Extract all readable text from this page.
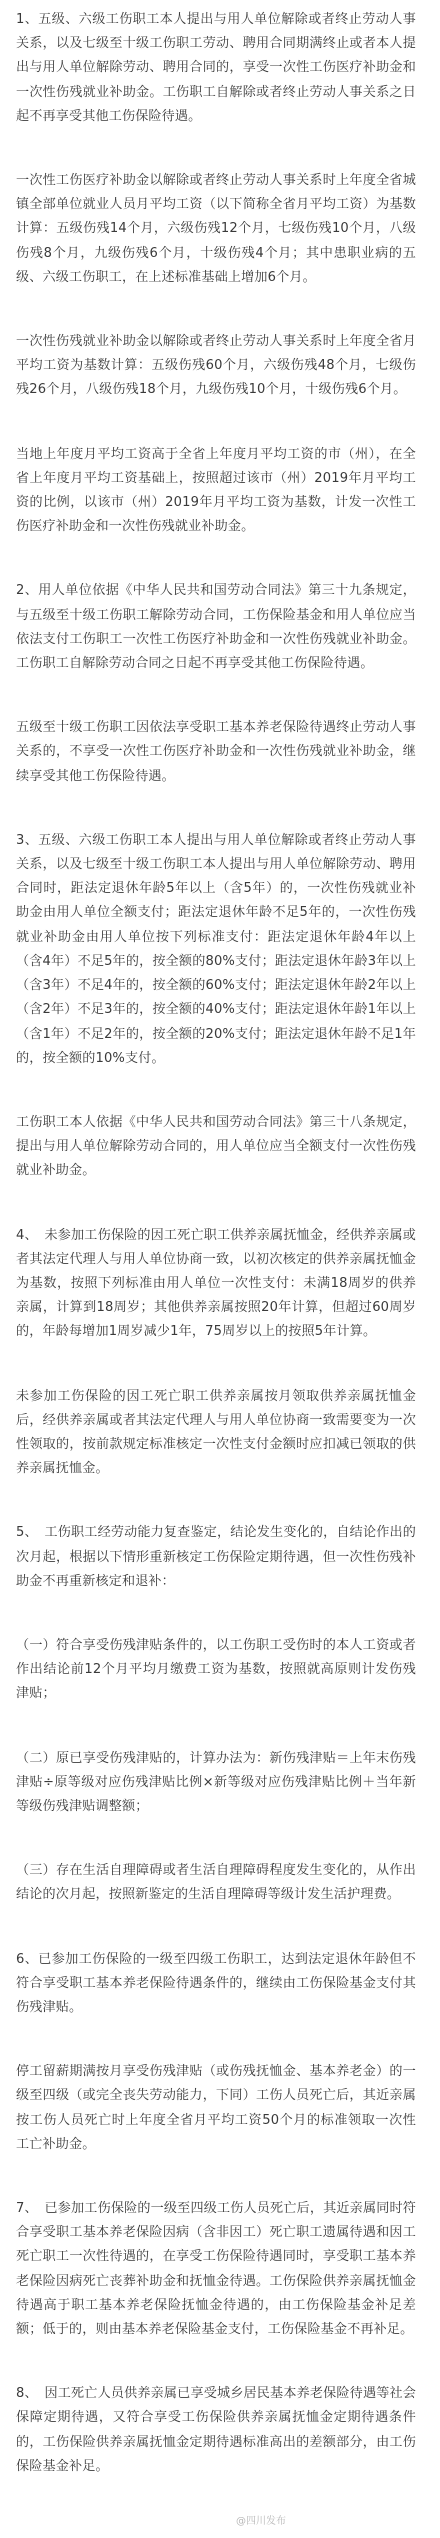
1、五级、六级工伤职工本人提出与用人单位解除或者终止劳动人事关系，以及七级至十级工伤职工劳动、聘用合同期满终止或者本人提出与用人单位解除劳动、聘用合同的，享受一次性工伤医疗补助金和一次性伤残就业补助金。工伤职工自解除或者终止劳动人事关系之日起不再享受其他工伤保险待遇。

一次性工伤医疗补助金以解除或者终止劳动人事关系时上年度全省城镇全部单位就业人员月平均工资（以下简称全省月平均工资）为基数计算：五级伤残14个月，六级伤残12个月，七级伤残10个月，八级伤残8个月，九级伤残6个月，十级伤残4个月；其中患职业病的五级、六级工伤职工，在上述标准基础上增加6个月。

一次性伤残就业补助金以解除或者终止劳动人事关系时上年度全省月平均工资为基数计算：五级伤残60个月，六级伤残48个月，七级伤残26个月，八级伤残18个月，九级伤残10个月，十级伤残6个月。

当地上年度月平均工资高于全省上年度月平均工资的市（州），在全省上年度月平均工资基础上，按照超过该市（州）2019年月平均工资的比例，以该市（州）2019年月平均工资为基数，计发一次性工伤医疗补助金和一次性伤残就业补助金。

2、用人单位依据《中华人民共和国劳动合同法》第三十九条规定，与五级至十级工伤职工解除劳动合同，工伤保险基金和用人单位应当依法支付工伤职工一次性工伤医疗补助金和一次性伤残就业补助金。工伤职工自解除劳动合同之日起不再享受其他工伤保险待遇。

五级至十级工伤职工因依法享受职工基本养老保险待遇终止劳动人事关系的，不享受一次性工伤医疗补助金和一次性伤残就业补助金，继续享受其他工伤保险待遇。

3、五级、六级工伤职工本人提出与用人单位解除或者终止劳动人事关系，以及七级至十级工伤职工本人提出与用人单位解除劳动、聘用合同时，距法定退休年龄5年以上（含5年）的，一次性伤残就业补助金由用人单位全额支付；距法定退休年龄不足5年的，一次性伤残就业补助金由用人单位按下列标准支付：距法定退休年龄4年以上（含4年）不足5年的，按全额的80%支付；距法定退休年龄3年以上（含3年）不足4年的，按全额的60%支付；距法定退休年龄2年以上（含2年）不足3年的，按全额的40%支付；距法定退休年龄1年以上（含1年）不足2年的，按全额的20%支付；距法定退休年龄不足1年的，按全额的10%支付。

工伤职工本人依据《中华人民共和国劳动合同法》第三十八条规定，提出与用人单位解除劳动合同的，用人单位应当全额支付一次性伤残就业补助金。

4、　未参加工伤保险的因工死亡职工供养亲属抚恤金，经供养亲属或者其法定代理人与用人单位协商一致，以初次核定的供养亲属抚恤金为基数，按照下列标准由用人单位一次性支付：未满18周岁的供养亲属，计算到18周岁；其他供养亲属按照20年计算，但超过60周岁的，年龄每增加1周岁减少1年，75周岁以上的按照5年计算。

未参加工伤保险的因工死亡职工供养亲属按月领取供养亲属抚恤金后，经供养亲属或者其法定代理人与用人单位协商一致需要变为一次性领取的，按前款规定标准核定一次性支付金额时应扣减已领取的供养亲属抚恤金。

5、　工伤职工经劳动能力复查鉴定，结论发生变化的，自结论作出的次月起，根据以下情形重新核定工伤保险定期待遇，但一次性伤残补助金不再重新核定和退补：

（一）符合享受伤残津贴条件的，以工伤职工受伤时的本人工资或者作出结论前12个月平均月缴费工资为基数，按照就高原则计发伤残津贴；

（二）原已享受伤残津贴的，计算办法为：新伤残津贴＝上年末伤残津贴÷原等级对应伤残津贴比例×新等级对应伤残津贴比例＋当年新等级伤残津贴调整额；

（三）存在生活自理障碍或者生活自理障碍程度发生变化的，从作出结论的次月起，按照新鉴定的生活自理障碍等级计发生活护理费。

6、已参加工伤保险的一级至四级工伤职工，达到法定退休年龄但不符合享受职工基本养老保险待遇条件的，继续由工伤保险基金支付其伤残津贴。

停工留薪期满按月享受伤残津贴（或伤残抚恤金、基本养老金）的一级至四级（或完全丧失劳动能力，下同）工伤人员死亡后，其近亲属按工伤人员死亡时上年度全省月平均工资50个月的标准领取一次性工亡补助金。

7、　已参加工伤保险的一级至四级工伤人员死亡后，其近亲属同时符合享受职工基本养老保险因病（含非因工）死亡职工遗属待遇和因工死亡职工一次性待遇的，在享受工伤保险待遇同时，享受职工基本养老保险因病死亡丧葬补助金和抚恤金待遇。工伤保险供养亲属抚恤金待遇高于职工基本养老保险抚恤金待遇的，由工伤保险基金补足差额；低于的，则由基本养老保险基金支付，工伤保险基金不再补足。

8、　因工死亡人员供养亲属已享受城乡居民基本养老保险待遇等社会保障定期待遇，又符合享受工伤保险供养亲属抚恤金定期待遇条件的，工伤保险供养亲属抚恤金定期待遇标准高出的差额部分，由工伤保险基金补足。

@四川发布
